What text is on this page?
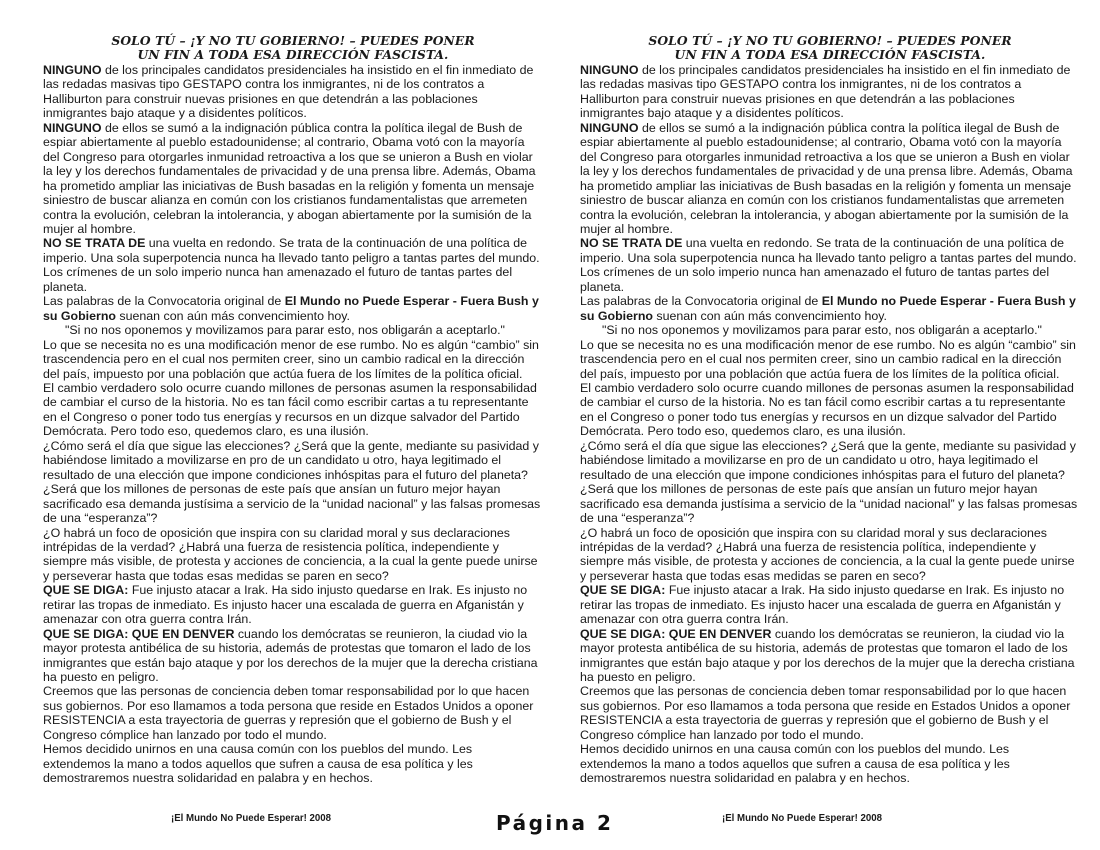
SOLO TÚ – ¡Y NO TU GOBIERNO! – PUEDES PONER
UN FIN A TODA ESA DIRECCIÓN FASCISTA.

NINGUNO de los principales candidatos presidenciales ha insistido en el fin inmediato de las redadas masivas tipo GESTAPO contra los inmigrantes, ni de los contratos a Halliburton para construir nuevas prisiones en que detendrán a las poblaciones inmigrantes bajo ataque y a disidentes políticos.

NINGUNO de ellos se sumó a la indignación pública contra la política ilegal de Bush de espiar abiertamente al pueblo estadounidense; al contrario, Obama votó con la mayoría del Congreso para otorgarles inmunidad retroactiva a los que se unieron a Bush en violar la ley y los derechos fundamentales de privacidad y de una prensa libre. Además, Obama ha prometido ampliar las iniciativas de Bush basadas en la religión y fomenta un mensaje siniestro de buscar alianza en común con los cristianos fundamentalistas que arremeten contra la evolución, celebran la intolerancia, y abogan abiertamente por la sumisión de la mujer al hombre.

NO SE TRATA DE una vuelta en redondo. Se trata de la continuación de una política de imperio. Una sola superpotencia nunca ha llevado tanto peligro a tantas partes del mundo. Los crímenes de un solo imperio nunca han amenazado el futuro de tantas partes del planeta.

Las palabras de la Convocatoria original de El Mundo no Puede Esperar - Fuera Bush y su Gobierno suenan con aún más convencimiento hoy.

"Si no nos oponemos y movilizamos para parar esto, nos obligarán a aceptarlo."

Lo que se necesita no es una modificación menor de ese rumbo. No es algún “cambio” sin trascendencia pero en el cual nos permiten creer, sino un cambio radical en la dirección del país, impuesto por una población que actúa fuera de los límites de la política oficial.

El cambio verdadero solo ocurre cuando millones de personas asumen la responsabilidad de cambiar el curso de la historia. No es tan fácil como escribir cartas a tu representante en el Congreso o poner todo tus energías y recursos en un dizque salvador del Partido Demócrata. Pero todo eso, quedemos claro, es una ilusión.

¿Cómo será el día que sigue las elecciones? ¿Será que la gente, mediante su pasividad y habiéndose limitado a movilizarse en pro de un candidato u otro, haya legitimado el resultado de una elección que impone condiciones inhóspitas para el futuro del planeta? ¿Será que los millones de personas de este país que ansían un futuro mejor hayan sacrificado esa demanda justísima a servicio de la “unidad nacional” y las falsas promesas de una “esperanza”?

¿O habrá un foco de oposición que inspira con su claridad moral y sus declaraciones intrépidas de la verdad? ¿Habrá una fuerza de resistencia política, independiente y siempre más visible, de protesta y acciones de conciencia, a la cual la gente puede unirse y perseverar hasta que todas esas medidas se paren en seco?

QUE SE DIGA: Fue injusto atacar a Irak. Ha sido injusto quedarse en Irak. Es injusto no retirar las tropas de inmediato. Es injusto hacer una escalada de guerra en Afganistán y amenazar con otra guerra contra Irán.

QUE SE DIGA: QUE EN DENVER cuando los demócratas se reunieron, la ciudad vio la mayor protesta antibélica de su historia, además de protestas que tomaron el lado de los inmigrantes que están bajo ataque y por los derechos de la mujer que la derecha cristiana ha puesto en peligro.

Creemos que las personas de conciencia deben tomar responsabilidad por lo que hacen sus gobiernos. Por eso llamamos a toda persona que reside en Estados Unidos a oponer RESISTENCIA a esta trayectoria de guerras y represión que el gobierno de Bush y el Congreso cómplice han lanzado por todo el mundo.

Hemos decidido unirnos en una causa común con los pueblos del mundo. Les extendemos la mano a todos aquellos que sufren a causa de esa política y les demostraremos nuestra solidaridad en palabra y en hechos.

SOLO TÚ – ¡Y NO TU GOBIERNO! – PUEDES PONER
UN FIN A TODA ESA DIRECCIÓN FASCISTA.

NINGUNO de los principales candidatos presidenciales ha insistido en el fin inmediato de las redadas masivas tipo GESTAPO contra los inmigrantes, ni de los contratos a Halliburton para construir nuevas prisiones en que detendrán a las poblaciones inmigrantes bajo ataque y a disidentes políticos.

NINGUNO de ellos se sumó a la indignación pública contra la política ilegal de Bush de espiar abiertamente al pueblo estadounidense; al contrario, Obama votó con la mayoría del Congreso para otorgarles inmunidad retroactiva a los que se unieron a Bush en violar la ley y los derechos fundamentales de privacidad y de una prensa libre. Además, Obama ha prometido ampliar las iniciativas de Bush basadas en la religión y fomenta un mensaje siniestro de buscar alianza en común con los cristianos fundamentalistas que arremeten contra la evolución, celebran la intolerancia, y abogan abiertamente por la sumisión de la mujer al hombre.

NO SE TRATA DE una vuelta en redondo. Se trata de la continuación de una política de imperio. Una sola superpotencia nunca ha llevado tanto peligro a tantas partes del mundo. Los crímenes de un solo imperio nunca han amenazado el futuro de tantas partes del planeta.

Las palabras de la Convocatoria original de El Mundo no Puede Esperar - Fuera Bush y su Gobierno suenan con aún más convencimiento hoy.

"Si no nos oponemos y movilizamos para parar esto, nos obligarán a aceptarlo."

Lo que se necesita no es una modificación menor de ese rumbo. No es algún “cambio” sin trascendencia pero en el cual nos permiten creer, sino un cambio radical en la dirección del país, impuesto por una población que actúa fuera de los límites de la política oficial.

El cambio verdadero solo ocurre cuando millones de personas asumen la responsabilidad de cambiar el curso de la historia. No es tan fácil como escribir cartas a tu representante en el Congreso o poner todo tus energías y recursos en un dizque salvador del Partido Demócrata. Pero todo eso, quedemos claro, es una ilusión.

¿Cómo será el día que sigue las elecciones? ¿Será que la gente, mediante su pasividad y habiéndose limitado a movilizarse en pro de un candidato u otro, haya legitimado el resultado de una elección que impone condiciones inhóspitas para el futuro del planeta? ¿Será que los millones de personas de este país que ansían un futuro mejor hayan sacrificado esa demanda justísima a servicio de la “unidad nacional” y las falsas promesas de una “esperanza”?

¿O habrá un foco de oposición que inspira con su claridad moral y sus declaraciones intrépidas de la verdad? ¿Habrá una fuerza de resistencia política, independiente y siempre más visible, de protesta y acciones de conciencia, a la cual la gente puede unirse y perseverar hasta que todas esas medidas se paren en seco?

QUE SE DIGA: Fue injusto atacar a Irak. Ha sido injusto quedarse en Irak. Es injusto no retirar las tropas de inmediato. Es injusto hacer una escalada de guerra en Afganistán y amenazar con otra guerra contra Irán.

QUE SE DIGA: QUE EN DENVER cuando los demócratas se reunieron, la ciudad vio la mayor protesta antibélica de su historia, además de protestas que tomaron el lado de los inmigrantes que están bajo ataque y por los derechos de la mujer que la derecha cristiana ha puesto en peligro.

Creemos que las personas de conciencia deben tomar responsabilidad por lo que hacen sus gobiernos. Por eso llamamos a toda persona que reside en Estados Unidos a oponer RESISTENCIA a esta trayectoria de guerras y represión que el gobierno de Bush y el Congreso cómplice han lanzado por todo el mundo.

Hemos decidido unirnos en una causa común con los pueblos del mundo. Les extendemos la mano a todos aquellos que sufren a causa de esa política y les demostraremos nuestra solidaridad en palabra y en hechos.

¡El Mundo No Puede Esperar! 2008	Página 2	¡El Mundo No Puede Esperar! 2008
